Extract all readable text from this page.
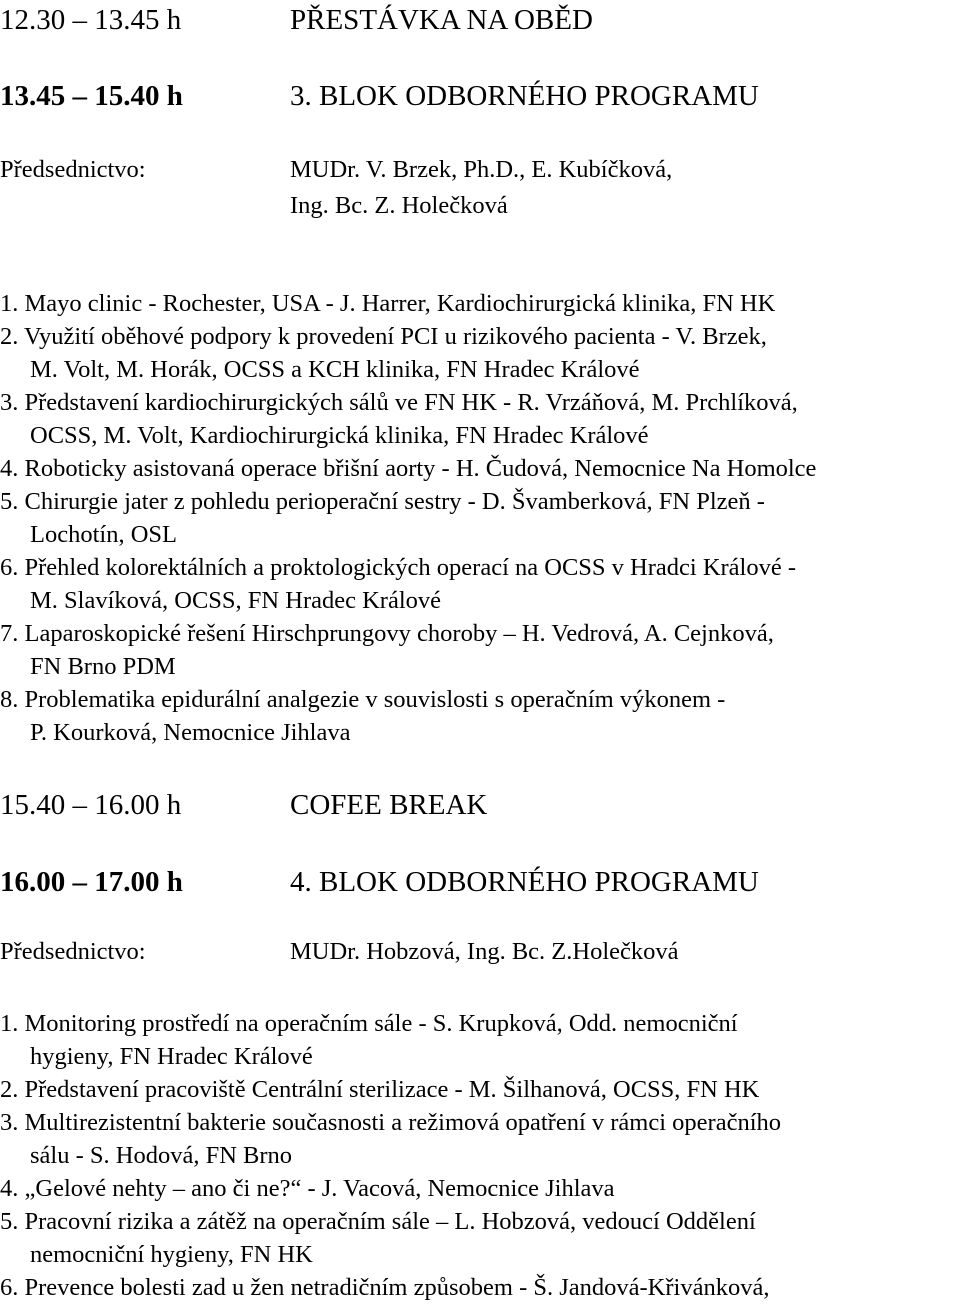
12.30 – 13.45 h	PŘESTÁVKA NA OBĚD
13.45 – 15.40 h	3. BLOK ODBORNÉHO PROGRAMU
Předsednictvo:	MUDr. V. Brzek, Ph.D., E. Kubíčková,
Ing. Bc. Z. Holečková
1. Mayo clinic - Rochester, USA - J. Harrer, Kardiochirurgická klinika, FN HK
2. Využití oběhové podpory k provedení PCI u rizikového pacienta - V. Brzek,
M. Volt, M. Horák, OCSS a KCH klinika, FN Hradec Králové
3. Představení kardiochirurgických sálů ve FN HK - R. Vrzáňová, M. Prchlíková,
OCSS, M. Volt, Kardiochirurgická klinika, FN Hradec Králové
4. Roboticky asistovaná operace břišní aorty - H. Čudová, Nemocnice Na Homolce
5. Chirurgie jater z pohledu perioperační sestry - D. Švamberková, FN Plzeň -
Lochotín, OSL
6. Přehled kolorektálních a proktologických operací na OCSS v Hradci Králové -
M. Slavíková, OCSS, FN Hradec Králové
7. Laparoskopické řešení Hirschprungovy choroby – H. Vedrová, A. Cejnková,
FN Brno PDM
8. Problematika epidurální analgezie v souvislosti s operačním výkonem -
P. Kourková, Nemocnice Jihlava
15.40 – 16.00 h	COFEE BREAK
16.00 – 17.00 h	4. BLOK ODBORNÉHO PROGRAMU
Předsednictvo:	MUDr. Hobzová, Ing. Bc. Z.Holečková
1. Monitoring prostředí na operačním sále - S. Krupková, Odd. nemocniční
hygieny, FN Hradec Králové
2. Představení pracoviště Centrální sterilizace - M. Šilhanová, OCSS, FN HK
3. Multirezistentní bakterie současnosti a režimová opatření v rámci operačního
sálu - S. Hodová, FN Brno
4. „Gelové nehty – ano či ne?“ - J. Vacová, Nemocnice Jihlava
5. Pracovní rizika a zátěž na operačním sále – L. Hobzová, vedoucí Oddělení
nemocniční hygieny, FN HK
6. Prevence bolesti zad u žen netradičním způsobem - Š. Jandová-Křivánková,
